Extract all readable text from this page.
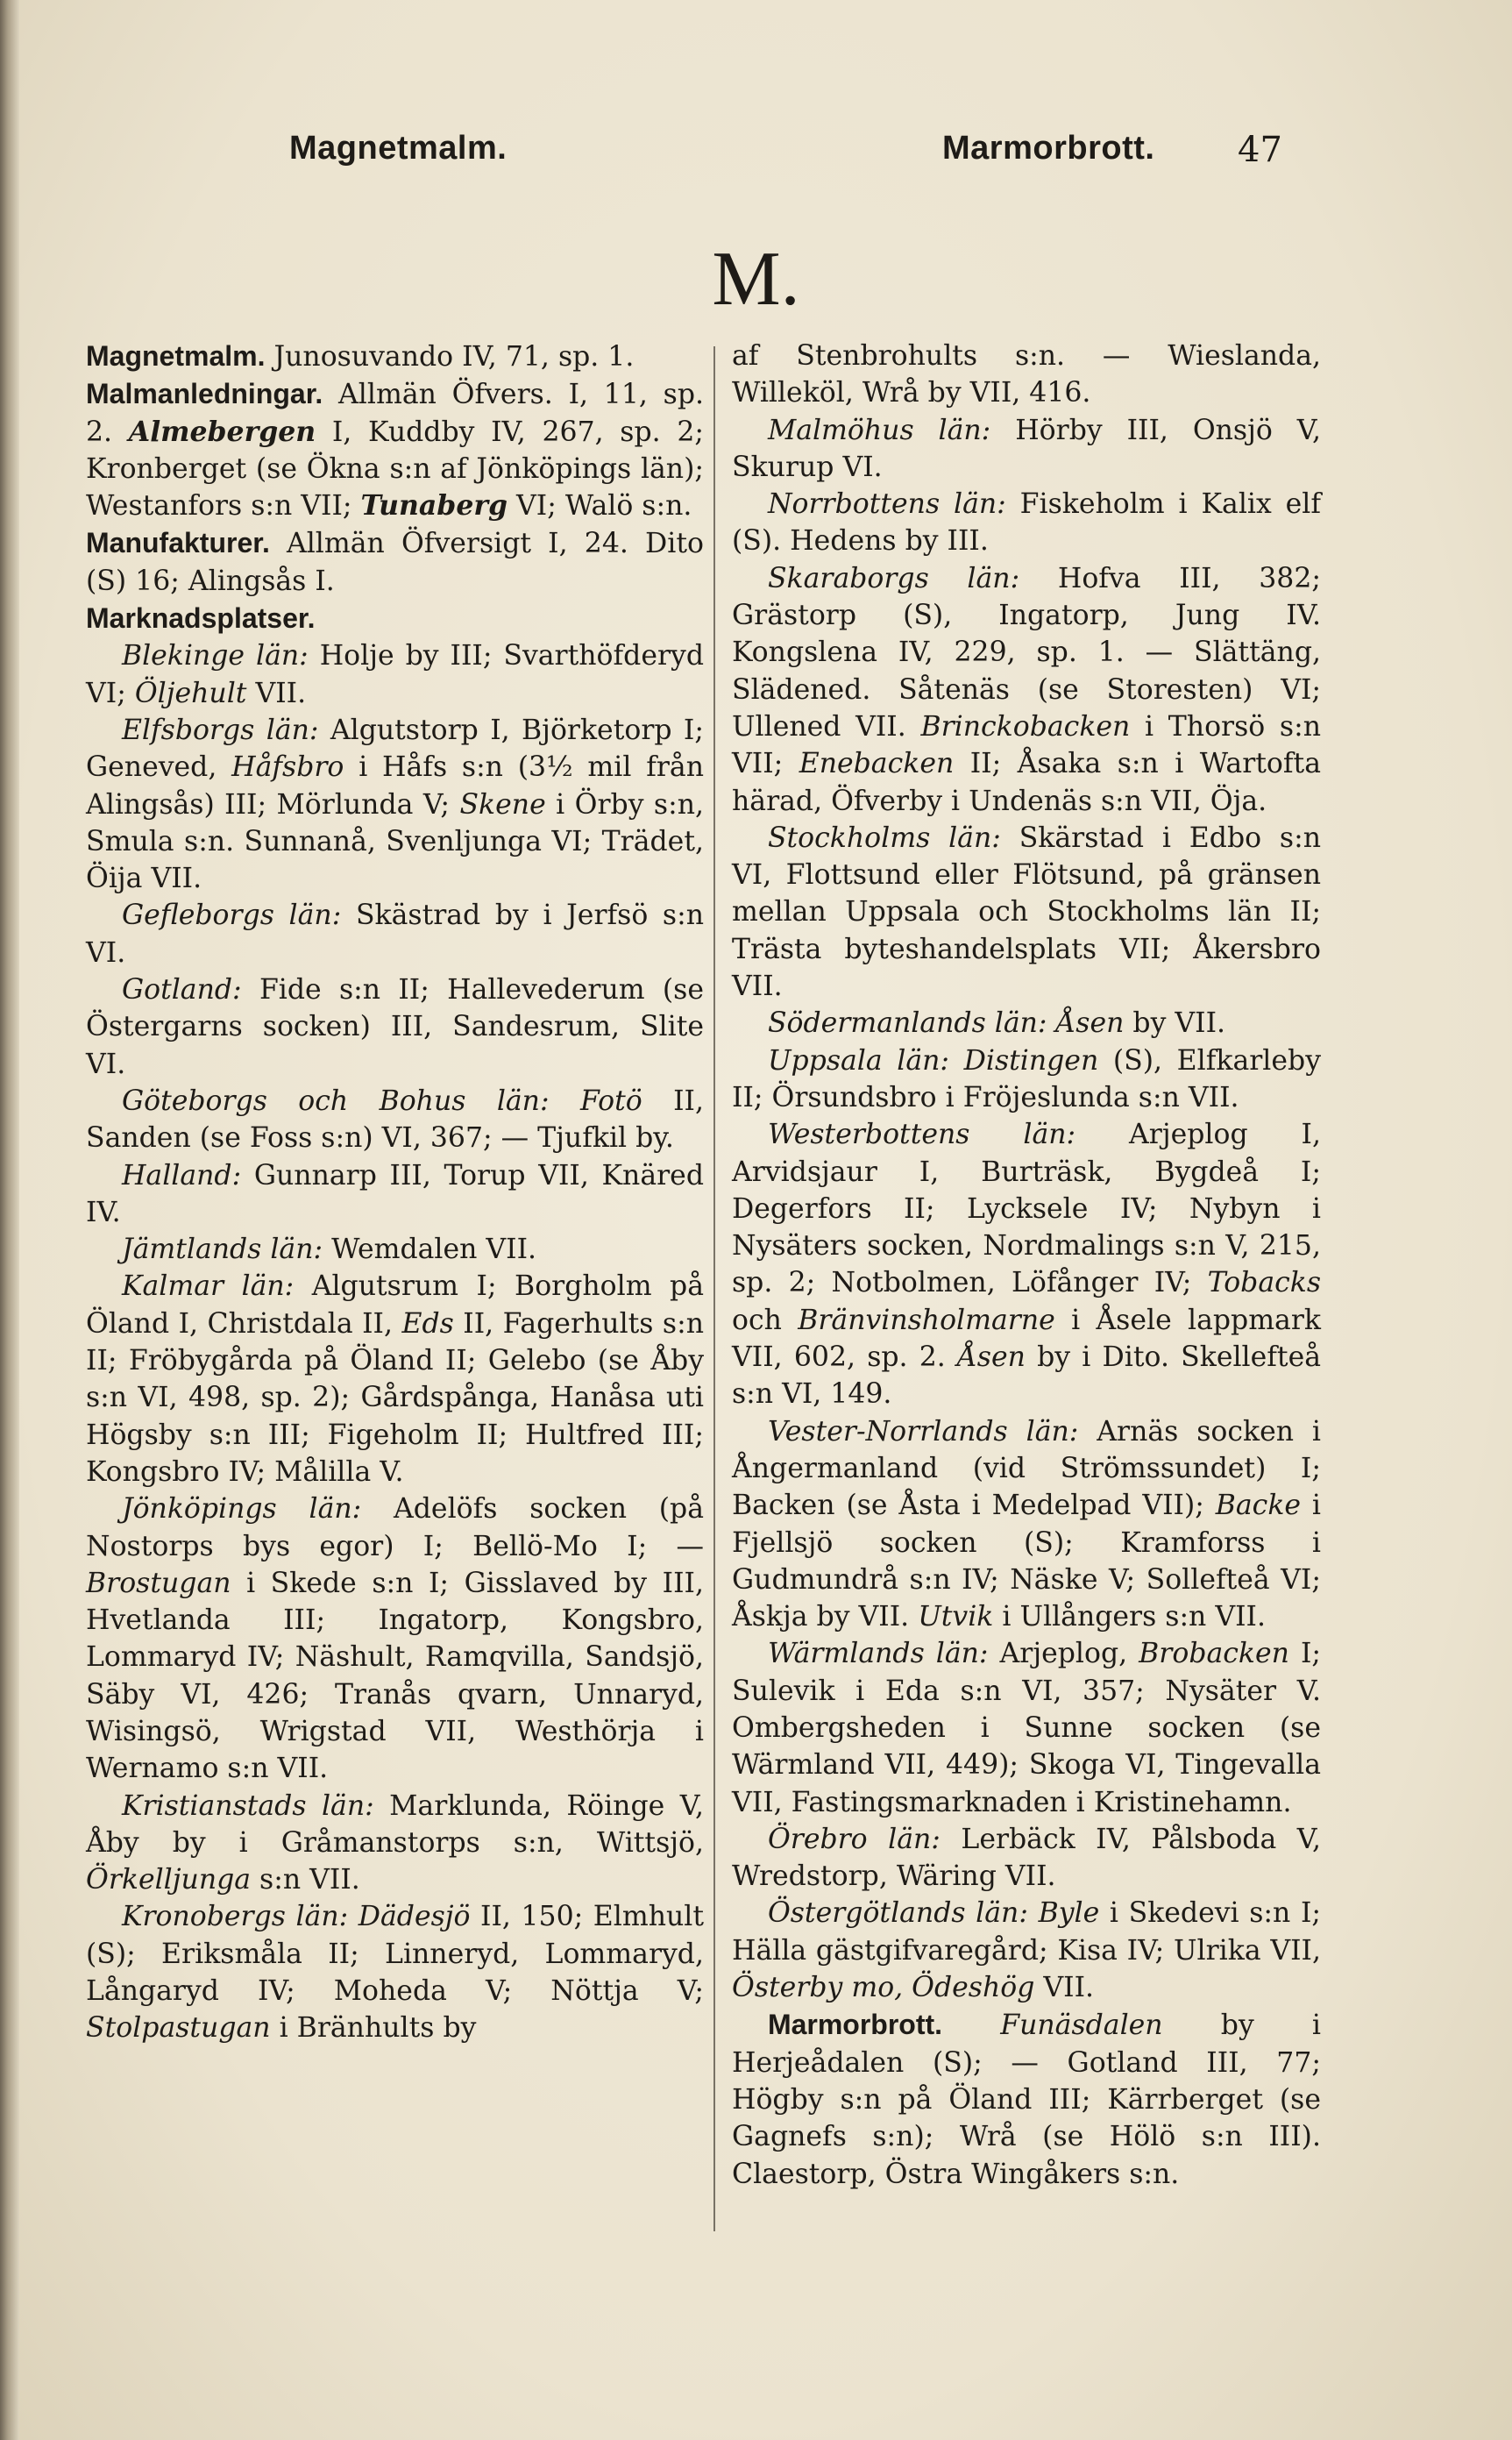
Magnetmalm.	Marmorbrott. 47
M.

Magnetmalm. Junosuvando IV, 71, sp. 1.

Malmanledningar. Allmän Öfvers. I, 11, sp. 2. Almebergen I, Kuddby IV, 267, sp. 2; Kronberget (se Ökna s:n af Jönköpings län); Westanfors s:n VII; Tunaberg VI; Walö s:n.

Manufakturer. Allmän Öfversigt I, 24. Dito (S) 16; Alingsås I.

Marknadsplatser.

Blekinge län: Holje by III; Svarthöfderyd VI; Öljehult VII.

Elfsborgs län: Algutstorp I, Björketorp I; Geneved, Håfsbro i Håfs s:n (3½ mil från Alingsås) III; Mörlunda V; Skene i Örby s:n, Smula s:n. Sunnanå, Svenljunga VI; Trädet, Öija VII.

Gefleborgs län: Skästrad by i Jerfsö s:n VI.

Gotland: Fide s:n II; Hallevederum (se Östergarns socken) III, Sandesrum, Slite VI.

Göteborgs och Bohus län: Fotö II, Sanden (se Foss s:n) VI, 367; — Tjufkil by.

Halland: Gunnarp III, Torup VII, Knäred IV.

Jämtlands län: Wemdalen VII.

Kalmar län: Algutsrum I; Borgholm på Öland I, Christdala II, Eds II, Fagerhults s:n II; Fröbygårda på Öland II; Gelebo (se Åby s:n VI, 498, sp. 2); Gårdspånga, Hanåsa uti Högsby s:n III; Figeholm II; Hultfred III; Kongsbro IV; Målilla V.

Jönköpings län: Adelöfs socken (på Nostorps bys egor) I; Bellö-Mo I; — Brostugan i Skede s:n I; Gisslaved by III, Hvetlanda III; Ingatorp, Kongsbro, Lommaryd IV; Näshult, Ramqvilla, Sandsjö, Säby VI, 426; Tranås qvarn, Unnaryd, Wisingsö, Wrigstad VII, Westhörja i Wernamo s:n VII.

Kristianstads län: Marklunda, Röinge V, Åby by i Gråmanstorps s:n, Wittsjö, Örkelljunga s:n VII.

Kronobergs län: Dädesjö II, 150; Elmhult (S); Eriksmåla II; Linneryd, Lommaryd, Långaryd IV; Moheda V; Nöttja V; Stolpastugan i Bränhults by

af Stenbrohults s:n. — Wieslanda, Willeköl, Wrå by VII, 416.

Malmöhus län: Hörby III, Onsjö V, Skurup VI.

Norrbottens län: Fiskeholm i Kalix elf (S). Hedens by III.

Skaraborgs län: Hofva III, 382; Grästorp (S), Ingatorp, Jung IV. Kongslena IV, 229, sp. 1. — Slättäng, Slädened. Såtenäs (se Storesten) VI; Ullened VII. Brinckobacken i Thorsö s:n VII; Enebacken II; Åsaka s:n i Wartofta härad, Öfverby i Undenäs s:n VII, Öja.

Stockholms län: Skärstad i Edbo s:n VI, Flottsund eller Flötsund, på gränsen mellan Uppsala och Stockholms län II; Trästa byteshandelsplats VII; Åkersbro VII.

Södermanlands län: Åsen by VII.

Uppsala län: Distingen (S), Elfkarleby II; Örsundsbro i Fröjeslunda s:n VII.

Westerbottens län: Arjeplog I, Arvidsjaur I, Burträsk, Bygdeå I; Degerfors II; Lycksele IV; Nybyn i Nysäters socken, Nordmalings s:n V, 215, sp. 2; Notbolmen, Löfånger IV; Tobacks och Bränvinsholmarne i Åsele lappmark VII, 602, sp. 2. Åsen by i Dito. Skellefteå s:n VI, 149.

Vester-Norrlands län: Arnäs socken i Ångermanland (vid Strömssundet) I; Backen (se Åsta i Medelpad VII); Backe i Fjellsjö socken (S); Kramforss i Gudmundrå s:n IV; Näske V; Sollefteå VI; Åskja by VII. Utvik i Ullångers s:n VII.

Wärmlands län: Arjeplog, Brobacken I; Sulevik i Eda s:n VI, 357; Nysäter V. Ombergsheden i Sunne socken (se Wärmland VII, 449); Skoga VI, Tingevalla VII, Fastingsmarknaden i Kristinehamn.

Örebro län: Lerbäck IV, Pålsboda V, Wredstorp, Wäring VII.

Östergötlands län: Byle i Skedevi s:n I; Hälla gästgifvaregård; Kisa IV; Ulrika VII, Österby mo, Ödeshög VII.

Marmorbrott. Funäsdalen by i Herjeådalen (S); — Gotland III, 77; Högby s:n på Öland III; Kärrberget (se Gagnefs s:n); Wrå (se Hölö s:n III). Claestorp, Östra Wingåkers s:n.
